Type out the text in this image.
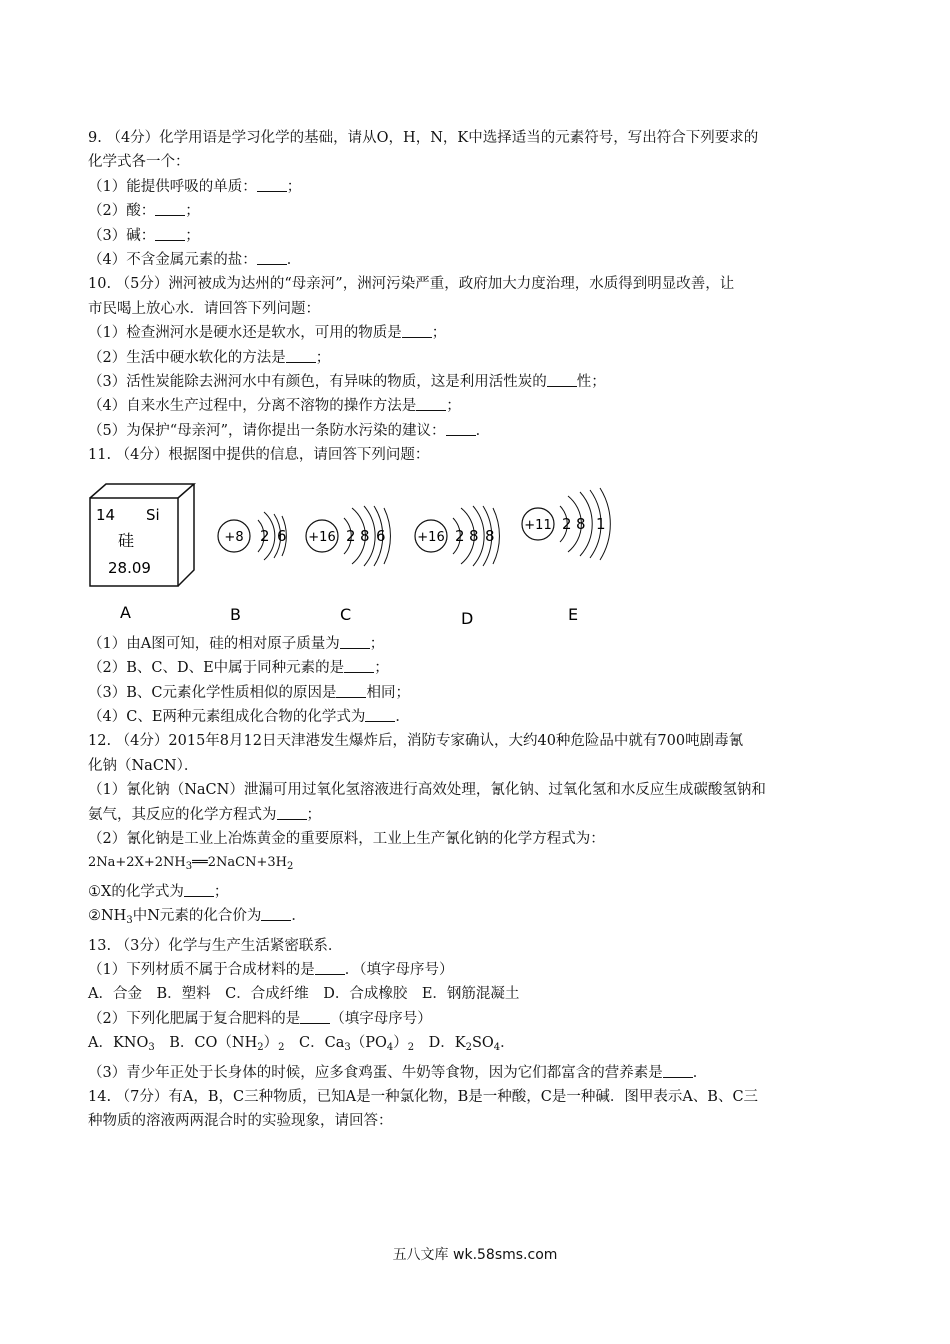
9. （4分）化学用语是学习化学的基础，请从O，H，N，K中选择适当的元素符号，写出符合下列要求的
化学式各一个：
（1）能提供呼吸的单质： ；
（2）酸： ；
（3）碱： ；
（4）不含金属元素的盐： ．
10. （5分）洲河被成为达州的“母亲河”，洲河污染严重，政府加大力度治理，水质得到明显改善，让
市民喝上放心水．请回答下列问题：
（1）检查洲河水是硬水还是软水，可用的物质是 ；
（2）生活中硬水软化的方法是 ；
（3）活性炭能除去洲河水中有颜色，有异味的物质，这是利用活性炭的 性；
（4）自来水生产过程中，分离不溶物的操作方法是 ；
（5）为保护“母亲河”，请你提出一条防水污染的建议： ．
11. （4分）根据图中提供的信息，请回答下列问题：
14 Si
硅
28.09
A
+8 2 6
B
+16 2 8 6
C
+16 2 8 8
D
+11 2 8 1
E
（1）由A图可知，硅的相对原子质量为 ；
（2）B、C、D、E中属于同种元素的是 ；
（3）B、C元素化学性质相似的原因是 相同；
（4）C、E两种元素组成化合物的化学式为 ．
12. （4分）2015年8月12日天津港发生爆炸后，消防专家确认，大约40种危险品中就有700吨剧毒氰
化钠（NaCN）．
（1）氰化钠（NaCN）泄漏可用过氧化氢溶液进行高效处理，氰化钠、过氧化氢和水反应生成碳酸氢钠和
氨气，其反应的化学方程式为 ；
（2）氰化钠是工业上冶炼黄金的重要原料，工业上生产氰化钠的化学方程式为：
$2Na+2X+2NH_3══2NaCN+3H_2$
①X的化学式为 ；
$②NH_3$中N元素的化合价为 ．
13. （3分）化学与生产生活紧密联系．
（1）下列材质不属于合成材料的是 ．（填字母序号）
A．合金　B．塑料　C．合成纤维　D．合成橡胶　E．钢筋混凝土
（2）下列化肥属于复合肥料的是 （填字母序号）
A．$KNO_3$　B．$CO(NH_2)_2$　C．$Ca_3(PO_4)_2$　D．$K_2SO_4$．
（3）青少年正处于长身体的时候，应多食鸡蛋、牛奶等食物，因为它们都富含的营养素是 ．
14. （7分）有A，B，C三种物质，已知A是一种氯化物，B是一种酸，C是一种碱．图甲表示A、B、C三
种物质的溶液两两混合时的实验现象，请回答：
五八文库 wk.58sms.com
